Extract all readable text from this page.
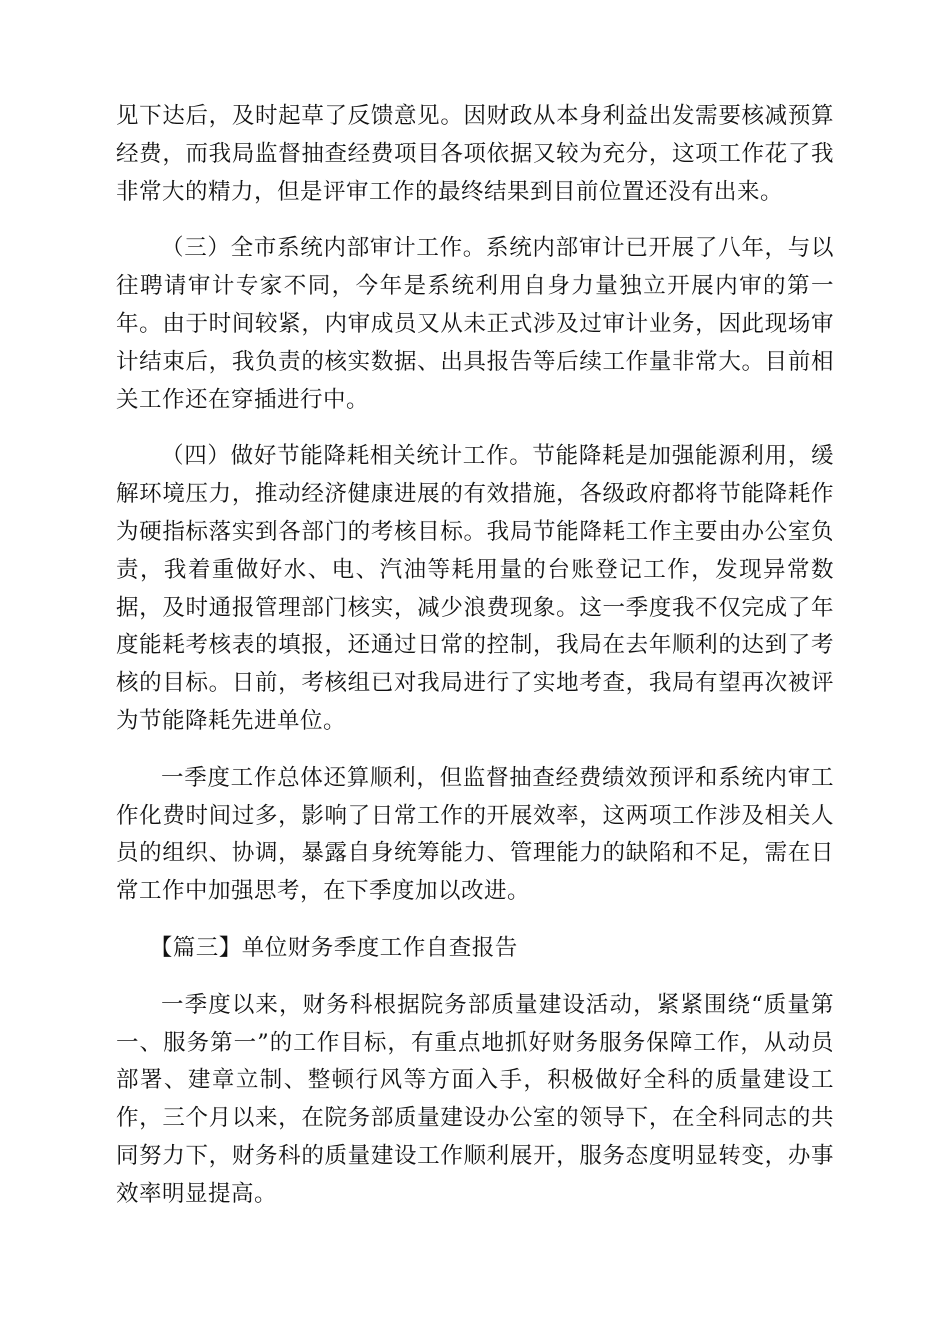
见下达后，及时起草了反馈意见。因财政从本身利益出发需要核减预算经费，而我局监督抽查经费项目各项依据又较为充分，这项工作花了我非常大的精力，但是评审工作的最终结果到目前位置还没有出来。

（三）全市系统内部审计工作。系统内部审计已开展了八年，与以往聘请审计专家不同，今年是系统利用自身力量独立开展内审的第一年。由于时间较紧，内审成员又从未正式涉及过审计业务，因此现场审计结束后，我负责的核实数据、出具报告等后续工作量非常大。目前相关工作还在穿插进行中。

（四）做好节能降耗相关统计工作。节能降耗是加强能源利用，缓解环境压力，推动经济健康进展的有效措施，各级政府都将节能降耗作为硬指标落实到各部门的考核目标。我局节能降耗工作主要由办公室负责，我着重做好水、电、汽油等耗用量的台账登记工作，发现异常数据，及时通报管理部门核实，减少浪费现象。这一季度我不仅完成了年度能耗考核表的填报，还通过日常的控制，我局在去年顺利的达到了考核的目标。日前，考核组已对我局进行了实地考查，我局有望再次被评为节能降耗先进单位。

一季度工作总体还算顺利，但监督抽查经费绩效预评和系统内审工作化费时间过多，影响了日常工作的开展效率，这两项工作涉及相关人员的组织、协调，暴露自身统筹能力、管理能力的缺陷和不足，需在日常工作中加强思考，在下季度加以改进。

【篇三】单位财务季度工作自查报告

一季度以来，财务科根据院务部质量建设活动，紧紧围绕“质量第一、服务第一”的工作目标，有重点地抓好财务服务保障工作，从动员部署、建章立制、整顿行风等方面入手，积极做好全科的质量建设工作，三个月以来，在院务部质量建设办公室的领导下，在全科同志的共同努力下，财务科的质量建设工作顺利展开，服务态度明显转变，办事效率明显提高。
